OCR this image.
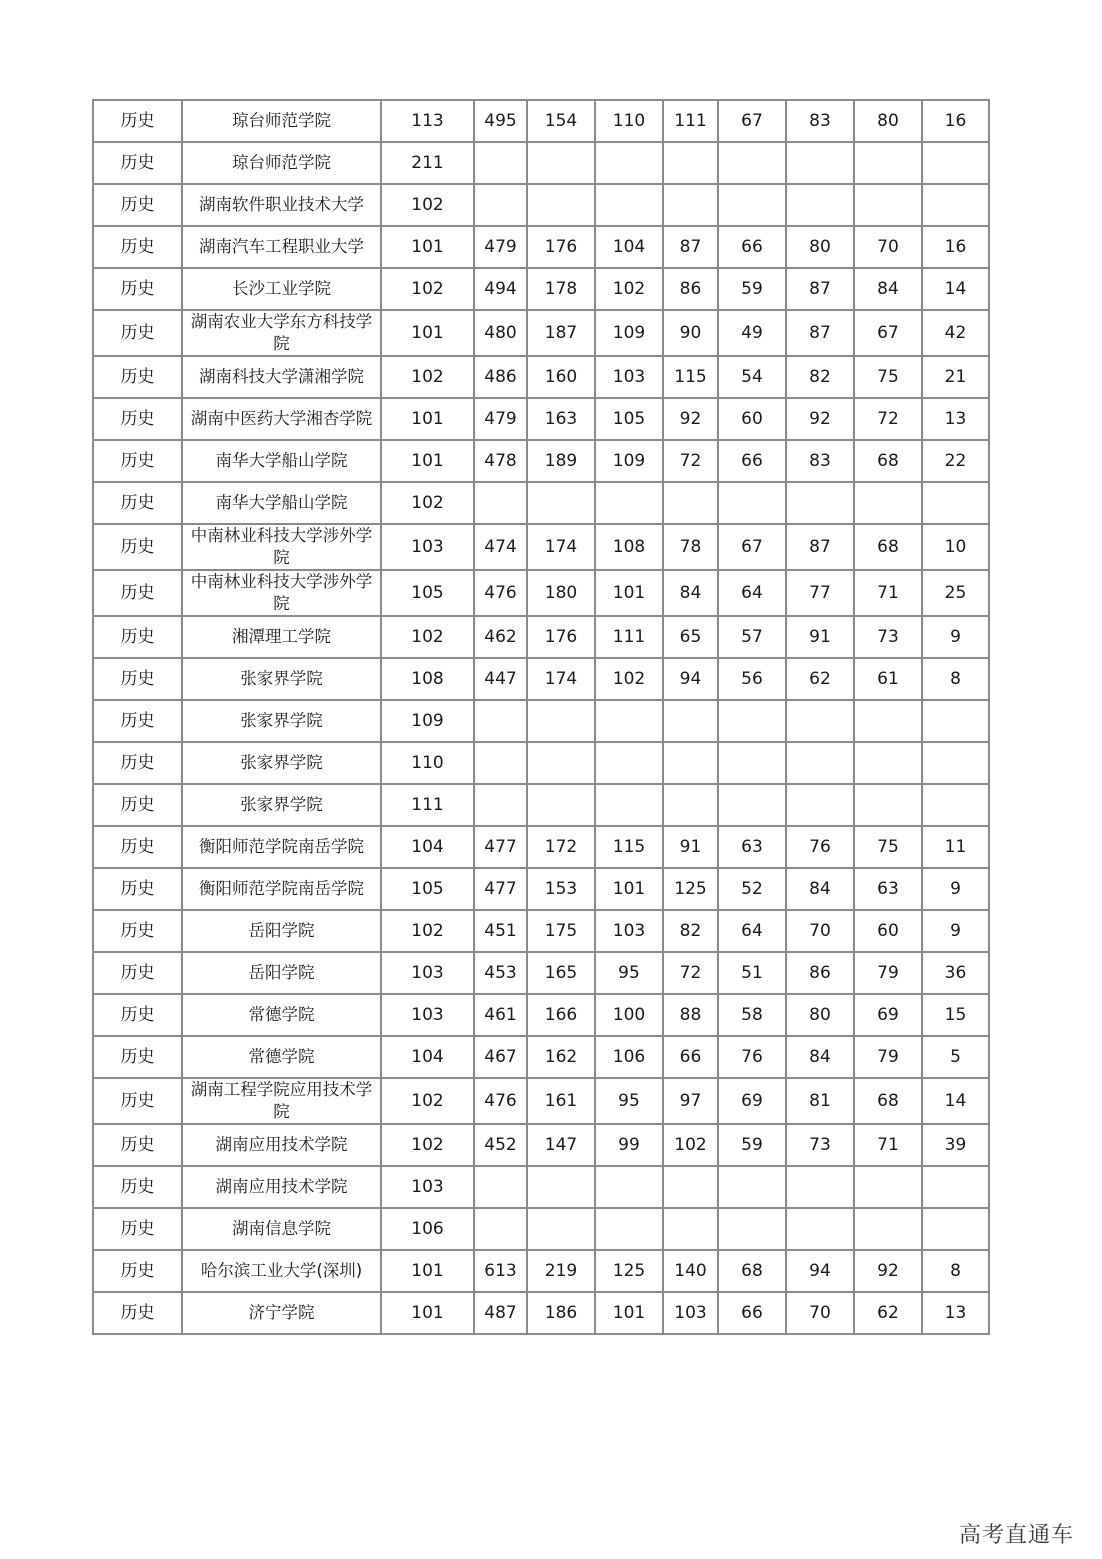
历史	琼台师范学院	113	495	154	110	111	67	83	80	16
历史	琼台师范学院	211								
历史	湖南软件职业技术大学	102								
历史	湖南汽车工程职业大学	101	479	176	104	87	66	80	70	16
历史	长沙工业学院	102	494	178	102	86	59	87	84	14
历史	湖南农业大学东方科技学院	101	480	187	109	90	49	87	67	42
历史	湖南科技大学潇湘学院	102	486	160	103	115	54	82	75	21
历史	湖南中医药大学湘杏学院	101	479	163	105	92	60	92	72	13
历史	南华大学船山学院	101	478	189	109	72	66	83	68	22
历史	南华大学船山学院	102								
历史	中南林业科技大学涉外学院	103	474	174	108	78	67	87	68	10
历史	中南林业科技大学涉外学院	105	476	180	101	84	64	77	71	25
历史	湘潭理工学院	102	462	176	111	65	57	91	73	9
历史	张家界学院	108	447	174	102	94	56	62	61	8
历史	张家界学院	109								
历史	张家界学院	110								
历史	张家界学院	111								
历史	衡阳师范学院南岳学院	104	477	172	115	91	63	76	75	11
历史	衡阳师范学院南岳学院	105	477	153	101	125	52	84	63	9
历史	岳阳学院	102	451	175	103	82	64	70	60	9
历史	岳阳学院	103	453	165	95	72	51	86	79	36
历史	常德学院	103	461	166	100	88	58	80	69	15
历史	常德学院	104	467	162	106	66	76	84	79	5
历史	湖南工程学院应用技术学院	102	476	161	95	97	69	81	68	14
历史	湖南应用技术学院	102	452	147	99	102	59	73	71	39
历史	湖南应用技术学院	103								
历史	湖南信息学院	106								
历史	哈尔滨工业大学(深圳)	101	613	219	125	140	68	94	92	8
历史	济宁学院	101	487	186	101	103	66	70	62	13
高考直通车
